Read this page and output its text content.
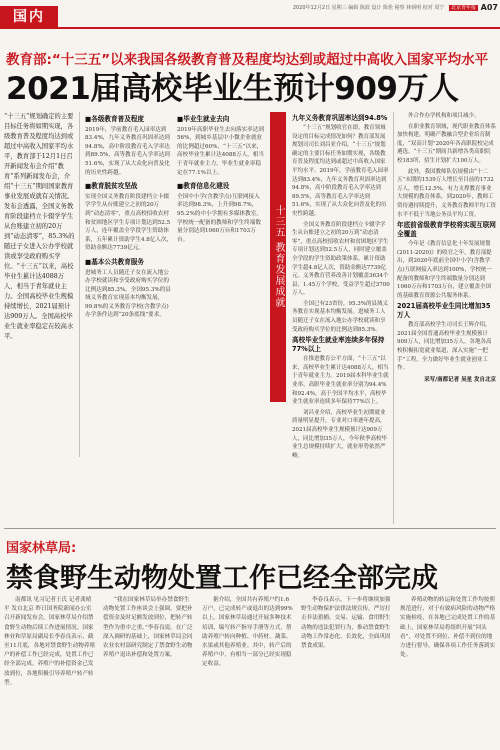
国内
2020年12月2日 星期三 编辑 陈波 设计 陈伦 秘察 林炳明 校对 周宁 北京青年报 A07
教育部:“十三五”以来我国各级教育普及程度均达到或超过中高收入国家平均水平
2021届高校毕业生预计909万人
“十三五”规划确定的主要目标任务将如期实现，各级教育普及程度均达到或超过中高收入国家平均水平，教育部于12月1日召开新闻发布会介绍“教育”系列新闻发布会，介绍“十三五”期间国家教育事业发展成就有关情况。发布会透露，全国义务教育阶段建档立卡辍学学生从台账建立初的20万到“动态清零”，85.3%的随迁子女进入公办学校就读或享受政府购买学位。“十三五”以来，高校毕业生累计达4088万人，相当于青年就业主力。全国高校毕业生规模持续增长，2021届预计达909万人。全国高校毕业生就业率稳定在较高水平。
■各级教育普及程度
2019年，学前教育毛入园率达到83.4%，九年义务教育巩固率达到94.8%，高中阶段教育毛入学率达到89.5%，高等教育毛入学率达到51.6%，实现了从大众化向普及化的历史性跨越。
■教育脱贫攻坚战
实现全国义务教育阶段建档立卡辍学学生从台账建立之初的20万到“动态清零”，重点高校招收农村和贫困地区学生专项计划达到52.5万人，连年覆盖全学段学生资助体系，五年累计资助学生4.8亿人次，资助金额达7739亿元。
■基本公共教育服务
进城务工人员随迁子女在流入地公办学校就读和享受政府购买学位的比例达到85.3%。全国95.3%的县域义务教育实现基本均衡发展，99.8%的义务教育学校(含教学点)办学条件达到“20条底线”要求。
■毕业生就业去向
2019年高职毕业生去向落实率达到56%，到城乡基层中小微企业就业的比例超过60%，“十三五”以来，高校毕业生累计达4088万人，相当于青年就业主力，毕业生就业率稳定在77.1%以上。
■教育信息化建设
全国中小学(含教学点)互联网接入率达到98.3%，上升到98.7%，95.2%的中小学拥有多媒体教室，学校统一配备的教师和学生终端数量分别达到1060万台和1703万台。	十三五 教育发展成就
九年义务教育巩固率达到94.8%

“十三五”规划收官在即，教育领域设定的目标完成情况如何？教育部发展规划司司长刘昌亚介绍，“十三五”规划确定的主要目标任务如期实现，各级教育普及程度均达到或超过中高收入国家平均水平。2019年，学前教育毛入园率达到83.4%，九年义务教育巩固率达到94.8%，高中阶段教育毛入学率达到89.5%，高等教育毛入学率达到51.6%，实现了从大众化向普及化的历史性跨越。

全国义务教育阶段建档立卡辍学学生从台账建立之初的20万到“动态清零”，重点高校招收农村和贫困地区学生专项计划达到52.5万人，同时建立覆盖全学段的学生资助政策体系，累计资助学生超4.8亿人次，资助金额达7739亿元。义务教育营养改善计划覆盖3634个县，1.45万个学校，受益学生超过3700万人。

全国已有23省份，95.3%的县域义务教育实现基本均衡发展。进城务工人员随迁子女在流入地公办学校就读和享受政府购买学位的比例达到85.3%。

高校毕业生就业率连续多年保持77%以上

在推进教育公平方面，“十三五”以来，高校毕业生累计达4088万人，相当于青年就业主力。2019届本科毕业生就业率、高职毕业生就业率分别为94.4%和92.4%，高于全国平均水平，高校毕业生就业率连续多年保持77%以上。

刘昌亚介绍，高校毕业生初期就业质量明显提升，专业对口率逐年提高，2021届高校毕业生规模预计达909万人，同比增加35万人，今年秋季高校毕业生总规模持续扩大，就业形势依然严峻。

外合作办学机构和项目减少。

在职业教育领域，现代职业教育体系加快构建，明确产教融合型企业培育制度，“双高计划”2020年各高职院校完成遴选。“十三五”期间共新增各类高职院校183所，招生计划扩大100万人。

此外，我国教师队伍规模由“十二五”末期的1539万人增长至目前的1732万人，增长12.5%，有力支撑教育事业大规模的教育体系，到2020年，教师工资待遇持续提升，义务教育教师平均工资水平不低于当地公务员平均工资。

年底前省级教育学校将实现互联网全覆盖

今年是《教育信息化十年发展规划(2011-2020)》的收官之年，教育部提出，到2020年底前全国中小学(含教学点)互联网接入率达到100%，学校统一配备的教师和学生终端数量分别达到1060万台和1703万台，建立覆盖全国的基础教育资源公共服务体系。

2021届高校毕业生同比增加35万人

教育部高校学生司司长王辉介绍，2021届全国普通高校毕业生规模预计909万人，同比增加35万人。各地各高校积极拓宽就业渠道，深入实施“一把手”工程，全力做好毕业生就业创业工作。

采写/南都记者 吴星 发自北京
国家林草局:
禁食野生动物处置工作已经全部完成

南都讯 见习记者王氏 记者龚晴平 发自北京 昨日国务院新闻办公室召开新闻发布会，国家林草局介绍禁食野生动物后续工作进展情况。国家林业和草原局副局长李春良表示，截至11月底，各地对禁食野生动物养殖户的补偿工作已经完成，处置工作已经全部完成。养殖户的补偿资金已发放到位，各地积极引导养殖户转产转型。

“我在国家林草局举办禁食野生动物处置工作座谈会上强调，要把补偿资金及时足额发放到位，把转产转型作为重中之重。”李春良说。在广泛深入调研的基础上，国家林草局会同农业农村部研究制定了禁食野生动物养殖户退出补偿和处置方案。

据介绍，全国共有养殖户约1.6万户，已完成转产或退出的达到99%以上。国家林草局通过开展多种技术培训、编写转产指导手册等方式，帮助养殖户转向种植、中药材、蔬菜、水果或其他养殖业。其中，转产后的养殖户中，有相当一部分已经实现稳定收益。

李春良表示，下一步将继续加强野生动物保护法律法规宣传，严厉打击非法猎捕、交易、运输、食用野生动物的违法犯罪行为，推动禁食野生动物工作常态化、长效化，全面巩固禁食成果。

养殖动物的转运和处置工作均按照规范进行，对于有致病风险的动物严格实施检疫，在各地已完成处置工作的基础上，国家林草局将组织开展“回头看”，对处置不到位、补偿不到位的地方进行督导，确保各项工作任务落到实处。
